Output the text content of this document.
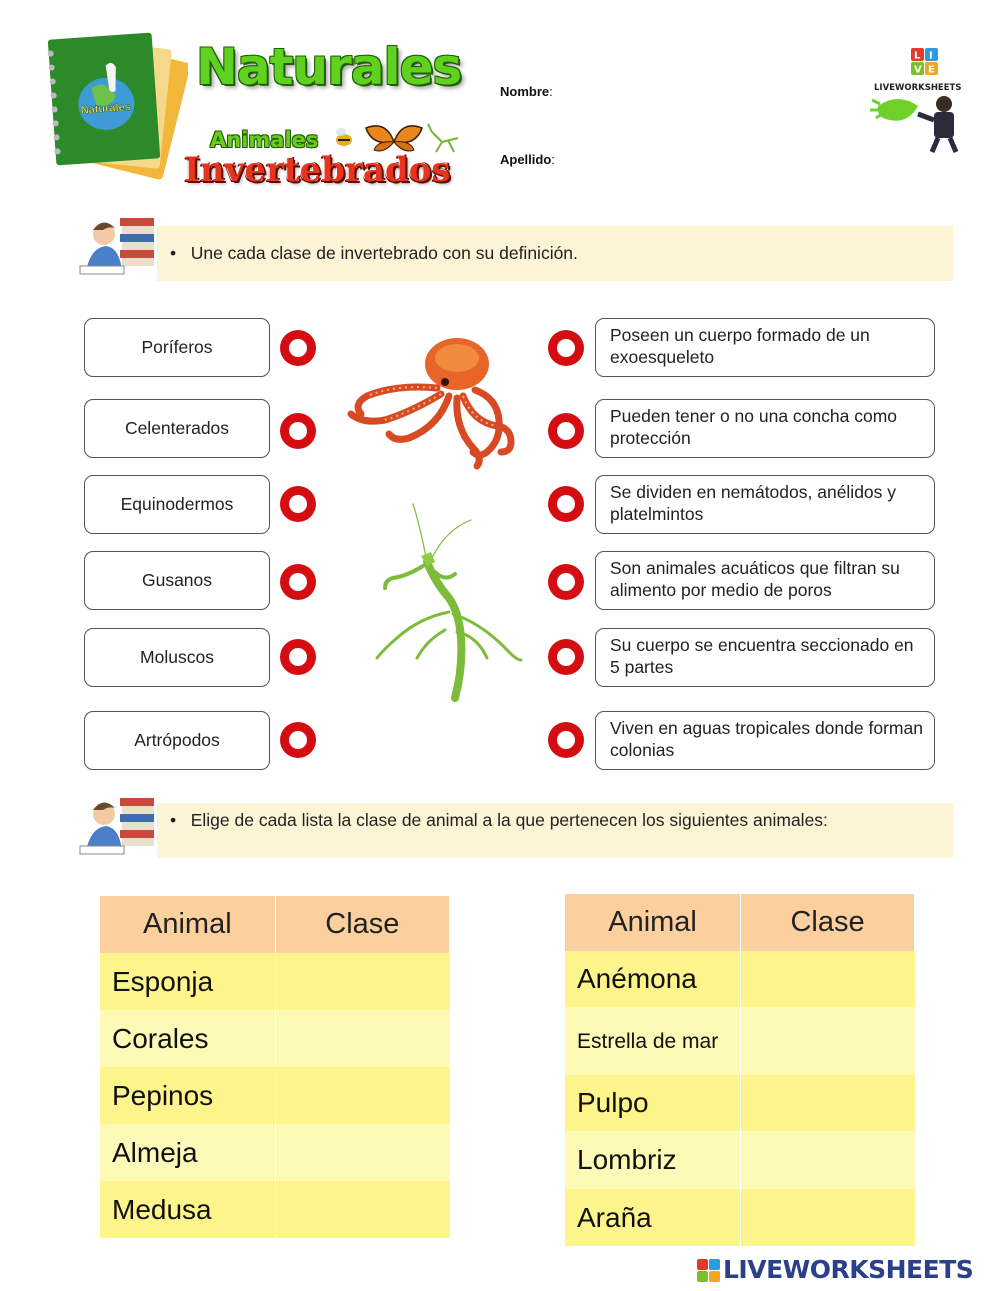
Naturales
Naturales
Animales
Invertebrados
Nombre:
Apellido:
L I
V E
LIVEWORKSHEETS
•   Une cada clase de invertebrado con su definición.
Poríferos
Celenterados
Equinodermos
Gusanos
Moluscos
Artrópodos
Poseen un cuerpo formado de un exoesqueleto
Pueden tener o no una concha como protección
Se dividen en nemátodos, anélidos y platelmintos
Son animales acuáticos que filtran su alimento por medio de poros
Su cuerpo se encuentra seccionado en 5 partes
Viven en aguas tropicales donde forman colonias
•   Elige de cada lista la clase de animal a la que pertenecen los siguientes animales:
Animal	Clase
Esponja	
Corales	
Pepinos	
Almeja	
Medusa	
Animal	Clase
Anémona	
Estrella de mar	
Pulpo	
Lombriz	
Araña	
LIVEWORKSHEETS
